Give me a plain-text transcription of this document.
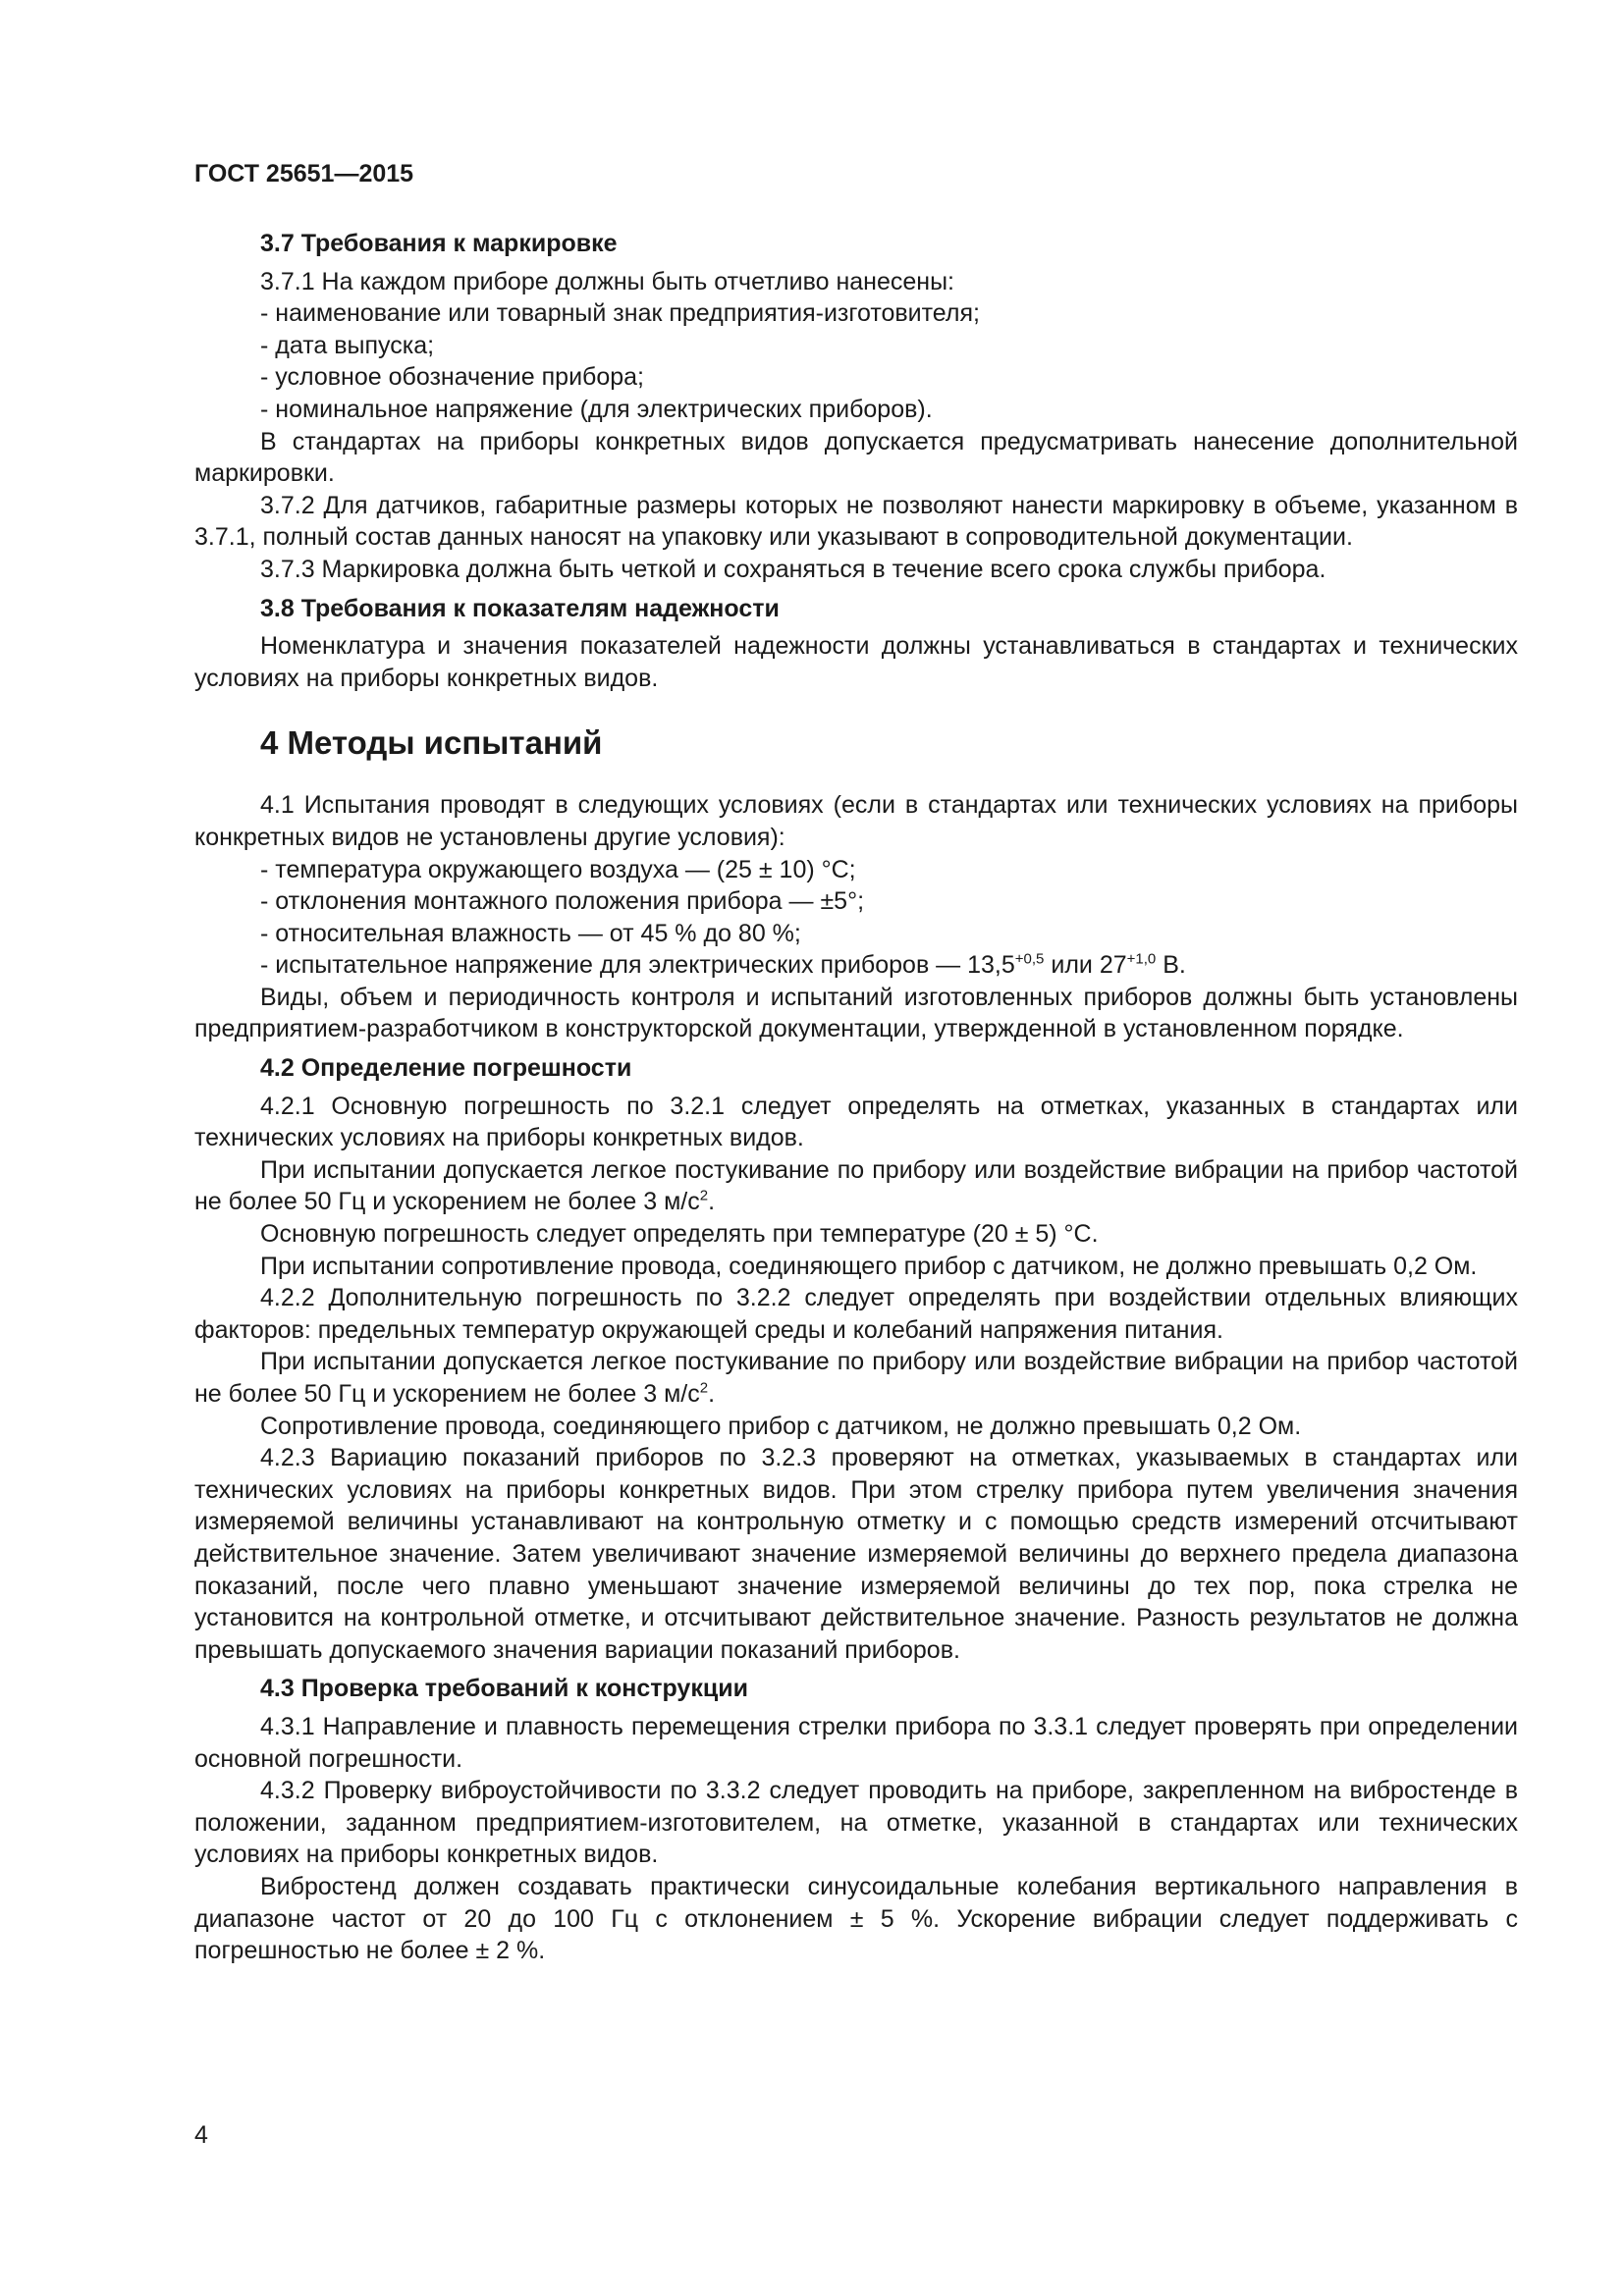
ГОСТ 25651—2015
3.7 Требования к маркировке

3.7.1 На каждом приборе должны быть отчетливо нанесены:

- наименование или товарный знак предприятия-изготовителя;

- дата выпуска;

- условное обозначение прибора;

- номинальное напряжение (для электрических приборов).

В стандартах на приборы конкретных видов допускается предусматривать нанесение дополнительной маркировки.

3.7.2 Для датчиков, габаритные размеры которых не позволяют нанести маркировку в объеме, указанном в 3.7.1, полный состав данных наносят на упаковку или указывают в сопроводительной документации.

3.7.3 Маркировка должна быть четкой и сохраняться в течение всего срока службы прибора.

3.8 Требования к показателям надежности

Номенклатура и значения показателей надежности должны устанавливаться в стандартах и технических условиях на приборы конкретных видов.

4 Методы испытаний

4.1 Испытания проводят в следующих условиях (если в стандартах или технических условиях на приборы конкретных видов не установлены другие условия):

- температура окружающего воздуха — (25 ± 10) °C;

- отклонения монтажного положения прибора — ±5°;

- относительная влажность — от 45 % до 80 %;

- испытательное напряжение для электрических приборов — $13,5^{+0,5}$ или $27^{+1,0}$ В.

Виды, объем и периодичность контроля и испытаний изготовленных приборов должны быть установлены предприятием-разработчиком в конструкторской документации, утвержденной в установленном порядке.

4.2 Определение погрешности

4.2.1 Основную погрешность по 3.2.1 следует определять на отметках, указанных в стандартах или технических условиях на приборы конкретных видов.

При испытании допускается легкое постукивание по прибору или воздействие вибрации на прибор частотой не более 50 Гц и ускорением не более 3 $м/с^2$.

Основную погрешность следует определять при температуре (20 ± 5) °C.

При испытании сопротивление провода, соединяющего прибор с датчиком, не должно превышать 0,2 Ом.

4.2.2 Дополнительную погрешность по 3.2.2 следует определять при воздействии отдельных влияющих факторов: предельных температур окружающей среды и колебаний напряжения питания.

При испытании допускается легкое постукивание по прибору или воздействие вибрации на прибор частотой не более 50 Гц и ускорением не более 3 $м/с^2$.

Сопротивление провода, соединяющего прибор с датчиком, не должно превышать 0,2 Ом.

4.2.3 Вариацию показаний приборов по 3.2.3 проверяют на отметках, указываемых в стандартах или технических условиях на приборы конкретных видов. При этом стрелку прибора путем увеличения значения измеряемой величины устанавливают на контрольную отметку и с помощью средств измерений отсчитывают действительное значение. Затем увеличивают значение измеряемой величины до верхнего предела диапазона показаний, после чего плавно уменьшают значение измеряемой величины до тех пор, пока стрелка не установится на контрольной отметке, и отсчитывают действительное значение. Разность результатов не должна превышать допускаемого значения вариации показаний приборов.

4.3 Проверка требований к конструкции

4.3.1 Направление и плавность перемещения стрелки прибора по 3.3.1 следует проверять при определении основной погрешности.

4.3.2 Проверку виброустойчивости по 3.3.2 следует проводить на приборе, закрепленном на вибростенде в положении, заданном предприятием-изготовителем, на отметке, указанной в стандартах или технических условиях на приборы конкретных видов.

Вибростенд должен создавать практически синусоидальные колебания вертикального направления в диапазоне частот от 20 до 100 Гц с отклонением ± 5 %. Ускорение вибрации следует поддерживать с погрешностью не более ± 2 %.

4
